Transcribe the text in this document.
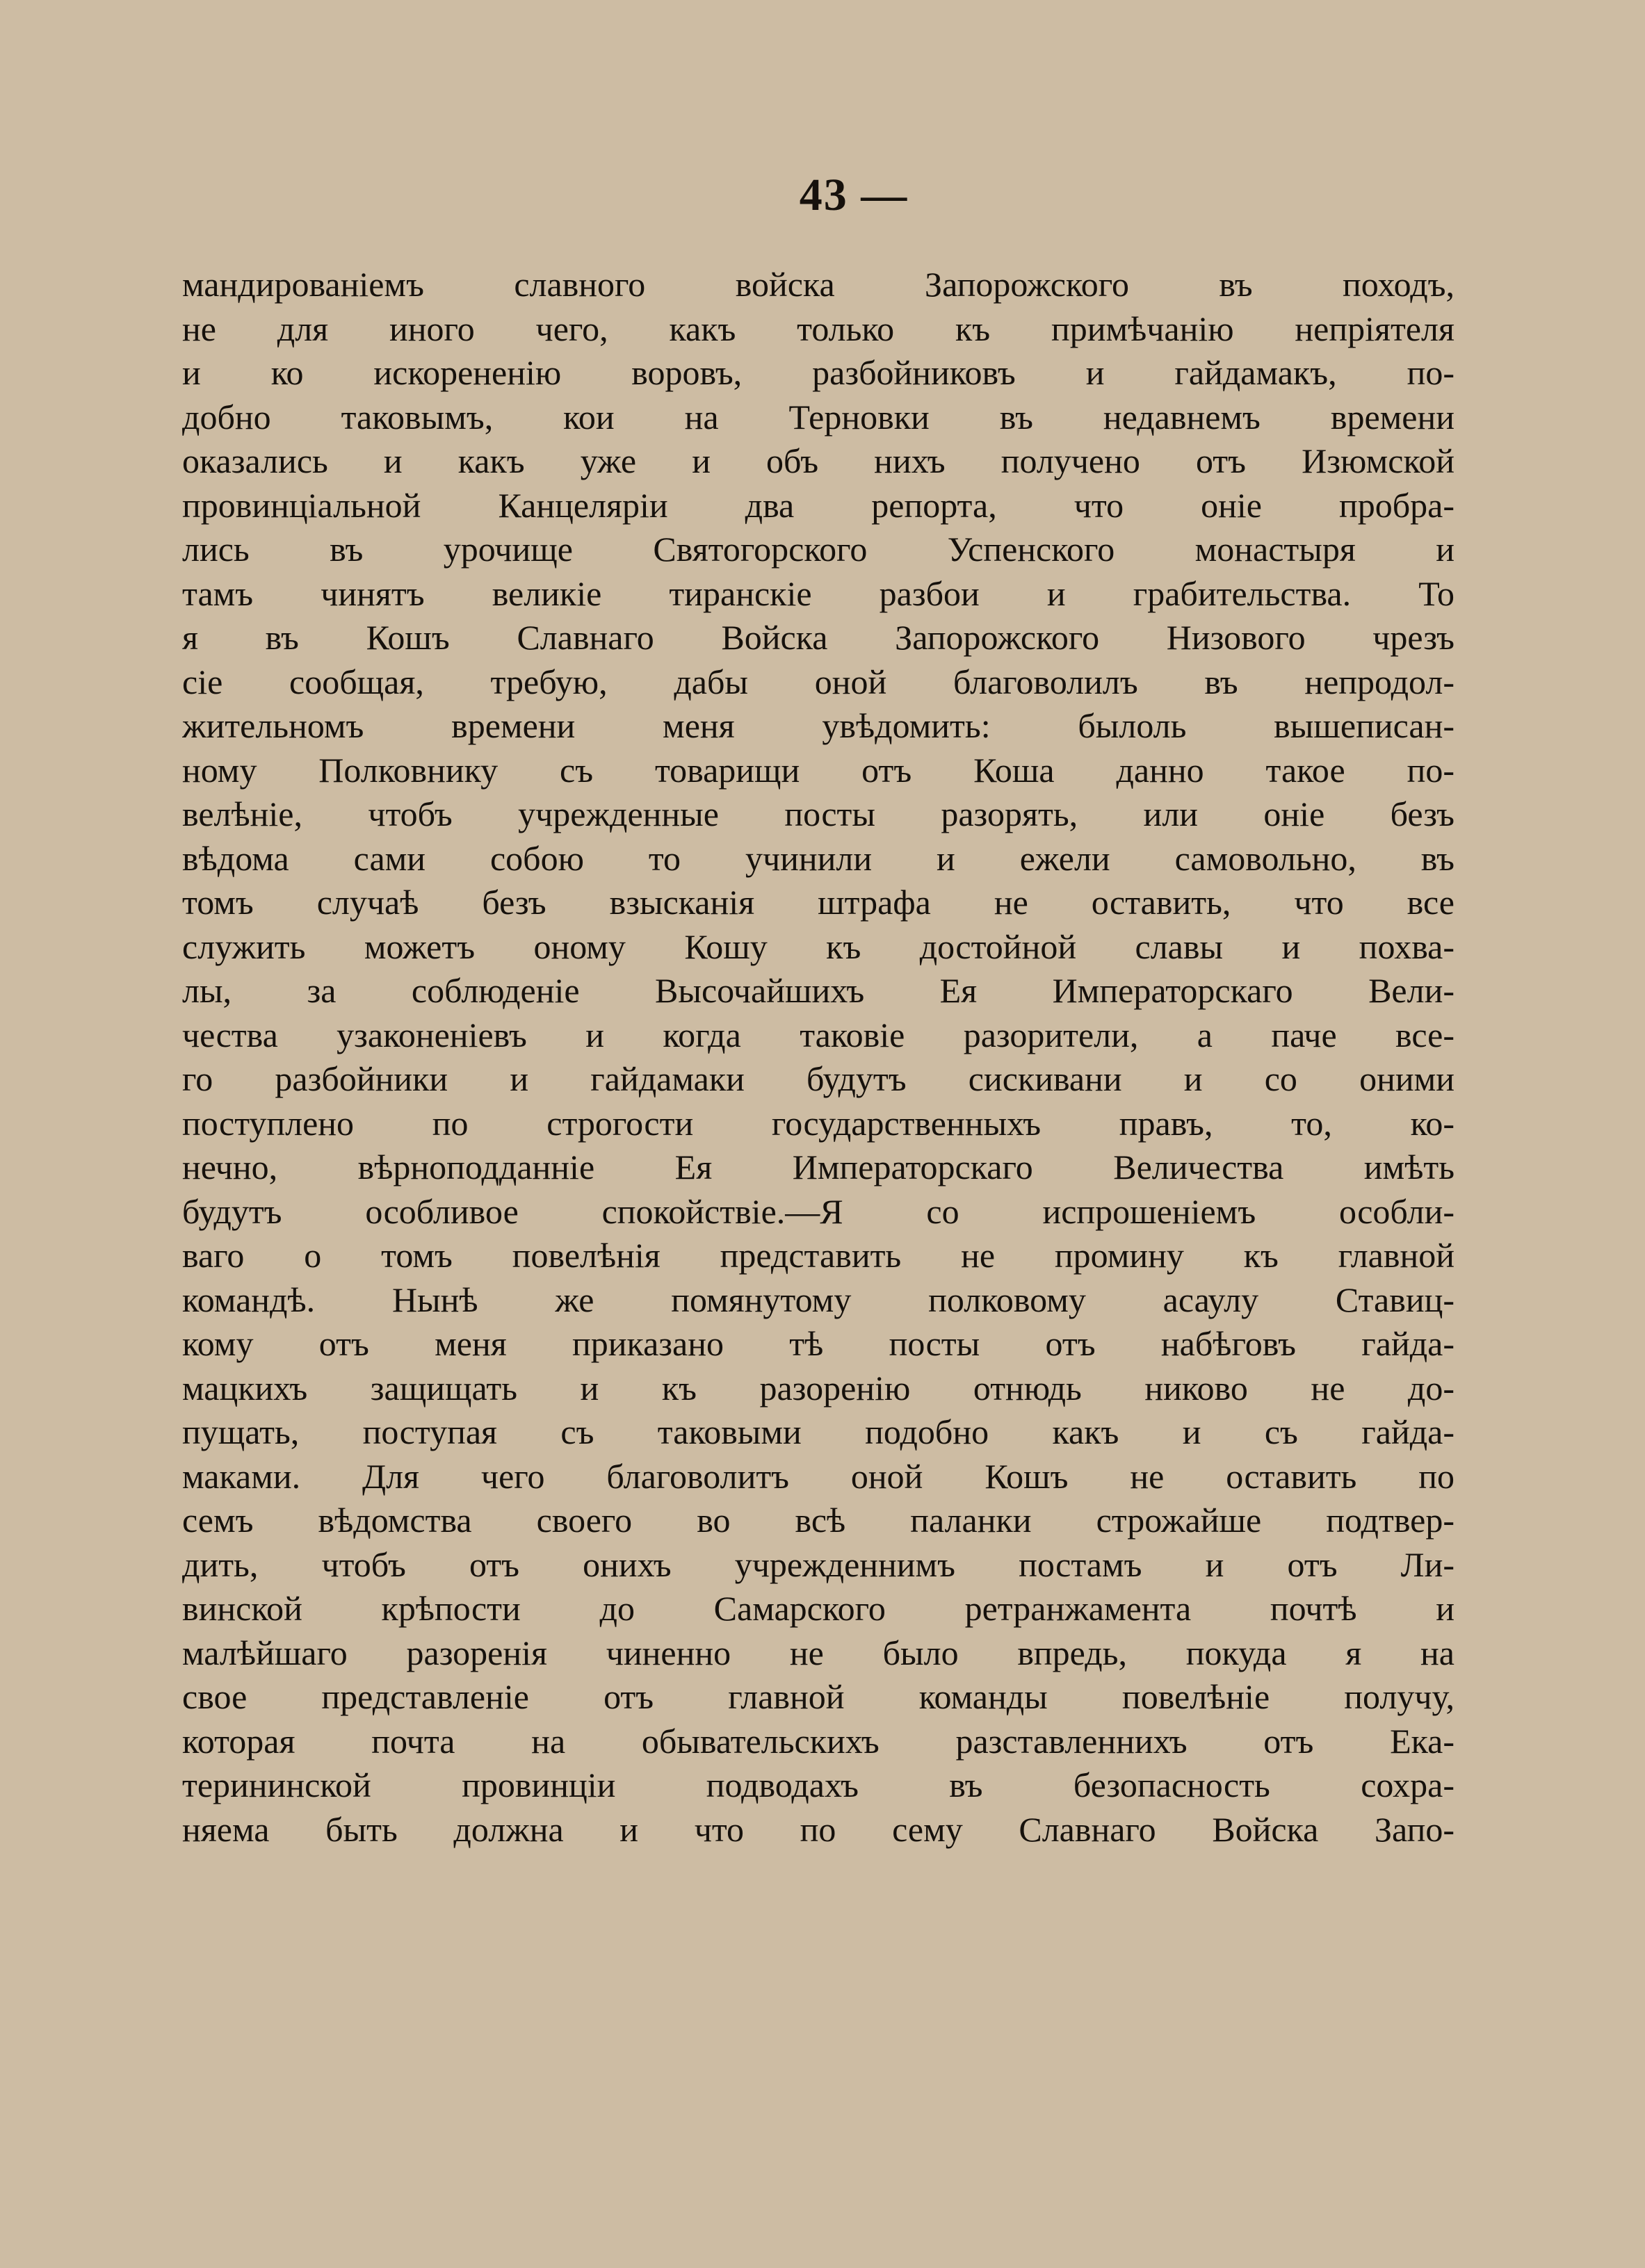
43 —
мандированіемъ славного войска Запорожского въ походъ,
не для иного чего, какъ только къ примѣчанію непріятеля
и ко искорененію воровъ, разбойниковъ и гайдамакъ, по-
добно таковымъ, кои на Терновки въ недавнемъ времени
оказались и какъ уже и объ нихъ получено отъ Изюмской
провинціальной Канцеляріи два репорта, что оніе пробра-
лись въ урочище Святогорского Успенского монастыря и
тамъ чинятъ великіе тиранскіе разбои и грабительства. То
я въ Кошъ Славнаго Войска Запорожского Низового чрезъ
сіе сообщая, требую, дабы оной благоволилъ въ непродол-
жительномъ времени меня увѣдомить: былоль вышеписан-
ному Полковнику съ товарищи отъ Коша данно такое по-
велѣніе, чтобъ учрежденные посты разорять, или оніе безъ
вѣдома сами собою то учинили и ежели самовольно, въ
томъ случаѣ безъ взысканія штрафа не оставить, что все
служить можетъ оному Кошу къ достойной славы и похва-
лы, за соблюденіе Высочайшихъ Ея Императорскаго Вели-
чества узаконеніевъ и когда таковіе разорители, а паче все-
го разбойники и гайдамаки будутъ сискивани и со оними
поступлено по строгости государственныхъ правъ, то, ко-
нечно, вѣрноподданніе Ея Императорскаго Величества имѣть
будутъ особливое спокойствіе.—Я со испрошеніемъ особли-
ваго о томъ повелѣнія представить не промину къ главной
командѣ. Нынѣ же помянутому полковому асаулу Ставиц-
кому отъ меня приказано тѣ посты отъ набѣговъ гайда-
мацкихъ защищать и къ разоренію отнюдь никово не до-
пущать, поступая съ таковыми подобно какъ и съ гайда-
маками. Для чего благоволитъ оной Кошъ не оставить по
семъ вѣдомства своего во всѣ паланки строжайше подтвер-
дить, чтобъ отъ онихъ учрежденнимъ постамъ и отъ Ли-
винской крѣпости до Самарского ретранжамента почтѣ и
малѣйшаго разоренія чиненно не было впредь, покуда я на
свое представленіе отъ главной команды повелѣніе получу,
которая почта на обывательскихъ разставленнихъ отъ Ека-
терининской провинціи подводахъ въ безопасность сохра-
няема быть должна и что по сему Славнаго Войска Запо-
